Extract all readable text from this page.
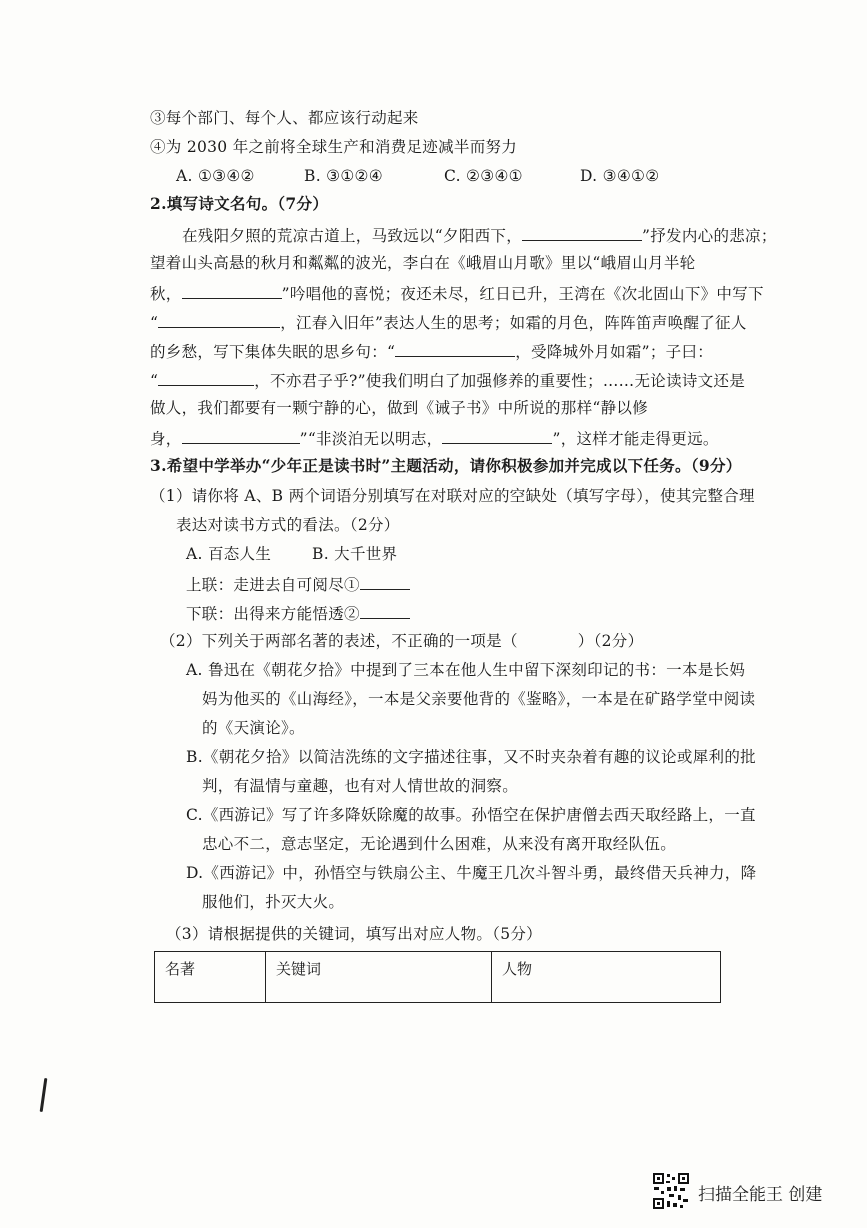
③每个部门、每个人、都应该行动起来
④为 2030 年之前将全球生产和消费足迹减半而努力
A. ①③④②	B. ③①②④	C. ②③④①	D. ③④①②
2.填写诗文名句。（7分）
在残阳夕照的荒凉古道上，马致远以“夕阳西下，	”抒发内心的悲凉；
望着山头高悬的秋月和粼粼的波光，李白在《峨眉山月歌》里以“峨眉山月半轮
秋，	”吟唱他的喜悦；夜还未尽，红日已升，王湾在《次北固山下》中写下
“	，江春入旧年”表达人生的思考；如霜的月色，阵阵笛声唤醒了征人
的乡愁，写下集体失眠的思乡句：“	，受降城外月如霜”；子曰：
“	，不亦君子乎?”使我们明白了加强修养的重要性；……无论读诗文还是
做人，我们都要有一颗宁静的心，做到《诫子书》中所说的那样“静以修
身，	”“非淡泊无以明志，	”，这样才能走得更远。
3.希望中学举办“少年正是读书时”主题活动，请你积极参加并完成以下任务。（9分）
（1）请你将 A、B 两个词语分别填写在对联对应的空缺处（填写字母），使其完整合理
表达对读书方式的看法。（2分）
A. 百态人生	B. 大千世界
上联：走进去自可阅尽①
下联：出得来方能悟透②
（2）下列关于两部名著的表述，不正确的一项是（	）（2分）
A. 鲁迅在《朝花夕拾》中提到了三本在他人生中留下深刻印记的书：一本是长妈
妈为他买的《山海经》，一本是父亲要他背的《鉴略》，一本是在矿路学堂中阅读
的《天演论》。
B.《朝花夕拾》以简洁洗练的文字描述往事，又不时夹杂着有趣的议论或犀利的批
判，有温情与童趣，也有对人情世故的洞察。
C.《西游记》写了许多降妖除魔的故事。孙悟空在保护唐僧去西天取经路上，一直
忠心不二，意志坚定，无论遇到什么困难，从来没有离开取经队伍。
D.《西游记》中，孙悟空与铁扇公主、牛魔王几次斗智斗勇，最终借天兵神力，降
服他们，扑灭大火。
（3）请根据提供的关键词，填写出对应人物。（5分）
名著	关键词	人物
扫描全能王 创建
